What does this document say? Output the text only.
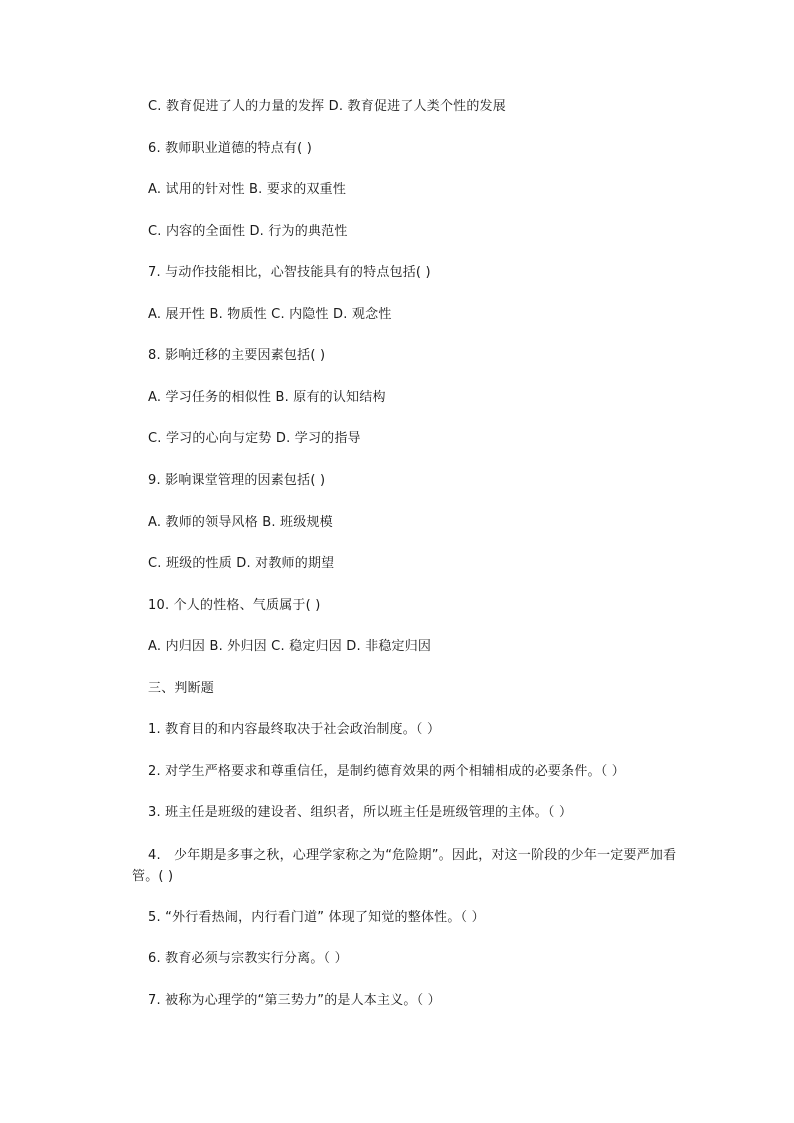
C. 教育促进了人的力量的发挥 D. 教育促进了人类个性的发展
6. 教师职业道德的特点有( )
A. 试用的针对性 B. 要求的双重性
C. 内容的全面性 D. 行为的典范性
7. 与动作技能相比，心智技能具有的特点包括( )
A. 展开性 B. 物质性 C. 内隐性 D. 观念性
8. 影响迁移的主要因素包括( )
A. 学习任务的相似性 B. 原有的认知结构
C. 学习的心向与定势 D. 学习的指导
9. 影响课堂管理的因素包括( )
A. 教师的领导风格 B. 班级规模
C. 班级的性质 D. 对教师的期望
10. 个人的性格、气质属于( )
A. 内归因 B. 外归因 C. 稳定归因 D. 非稳定归因
三、判断题
1. 教育目的和内容最终取决于社会政治制度。（ ）
2. 对学生严格要求和尊重信任，是制约德育效果的两个相辅相成的必要条件。（ ）
3. 班主任是班级的建设者、组织者，所以班主任是班级管理的主体。（ ）
4.　少年期是多事之秋，心理学家称之为“危险期”。因此，对这一阶段的少年一定要严加看管。( )
5. “外行看热闹，内行看门道” 体现了知觉的整体性。（ ）
6. 教育必须与宗教实行分离。（ ）
7. 被称为心理学的“第三势力”的是人本主义。（ ）
